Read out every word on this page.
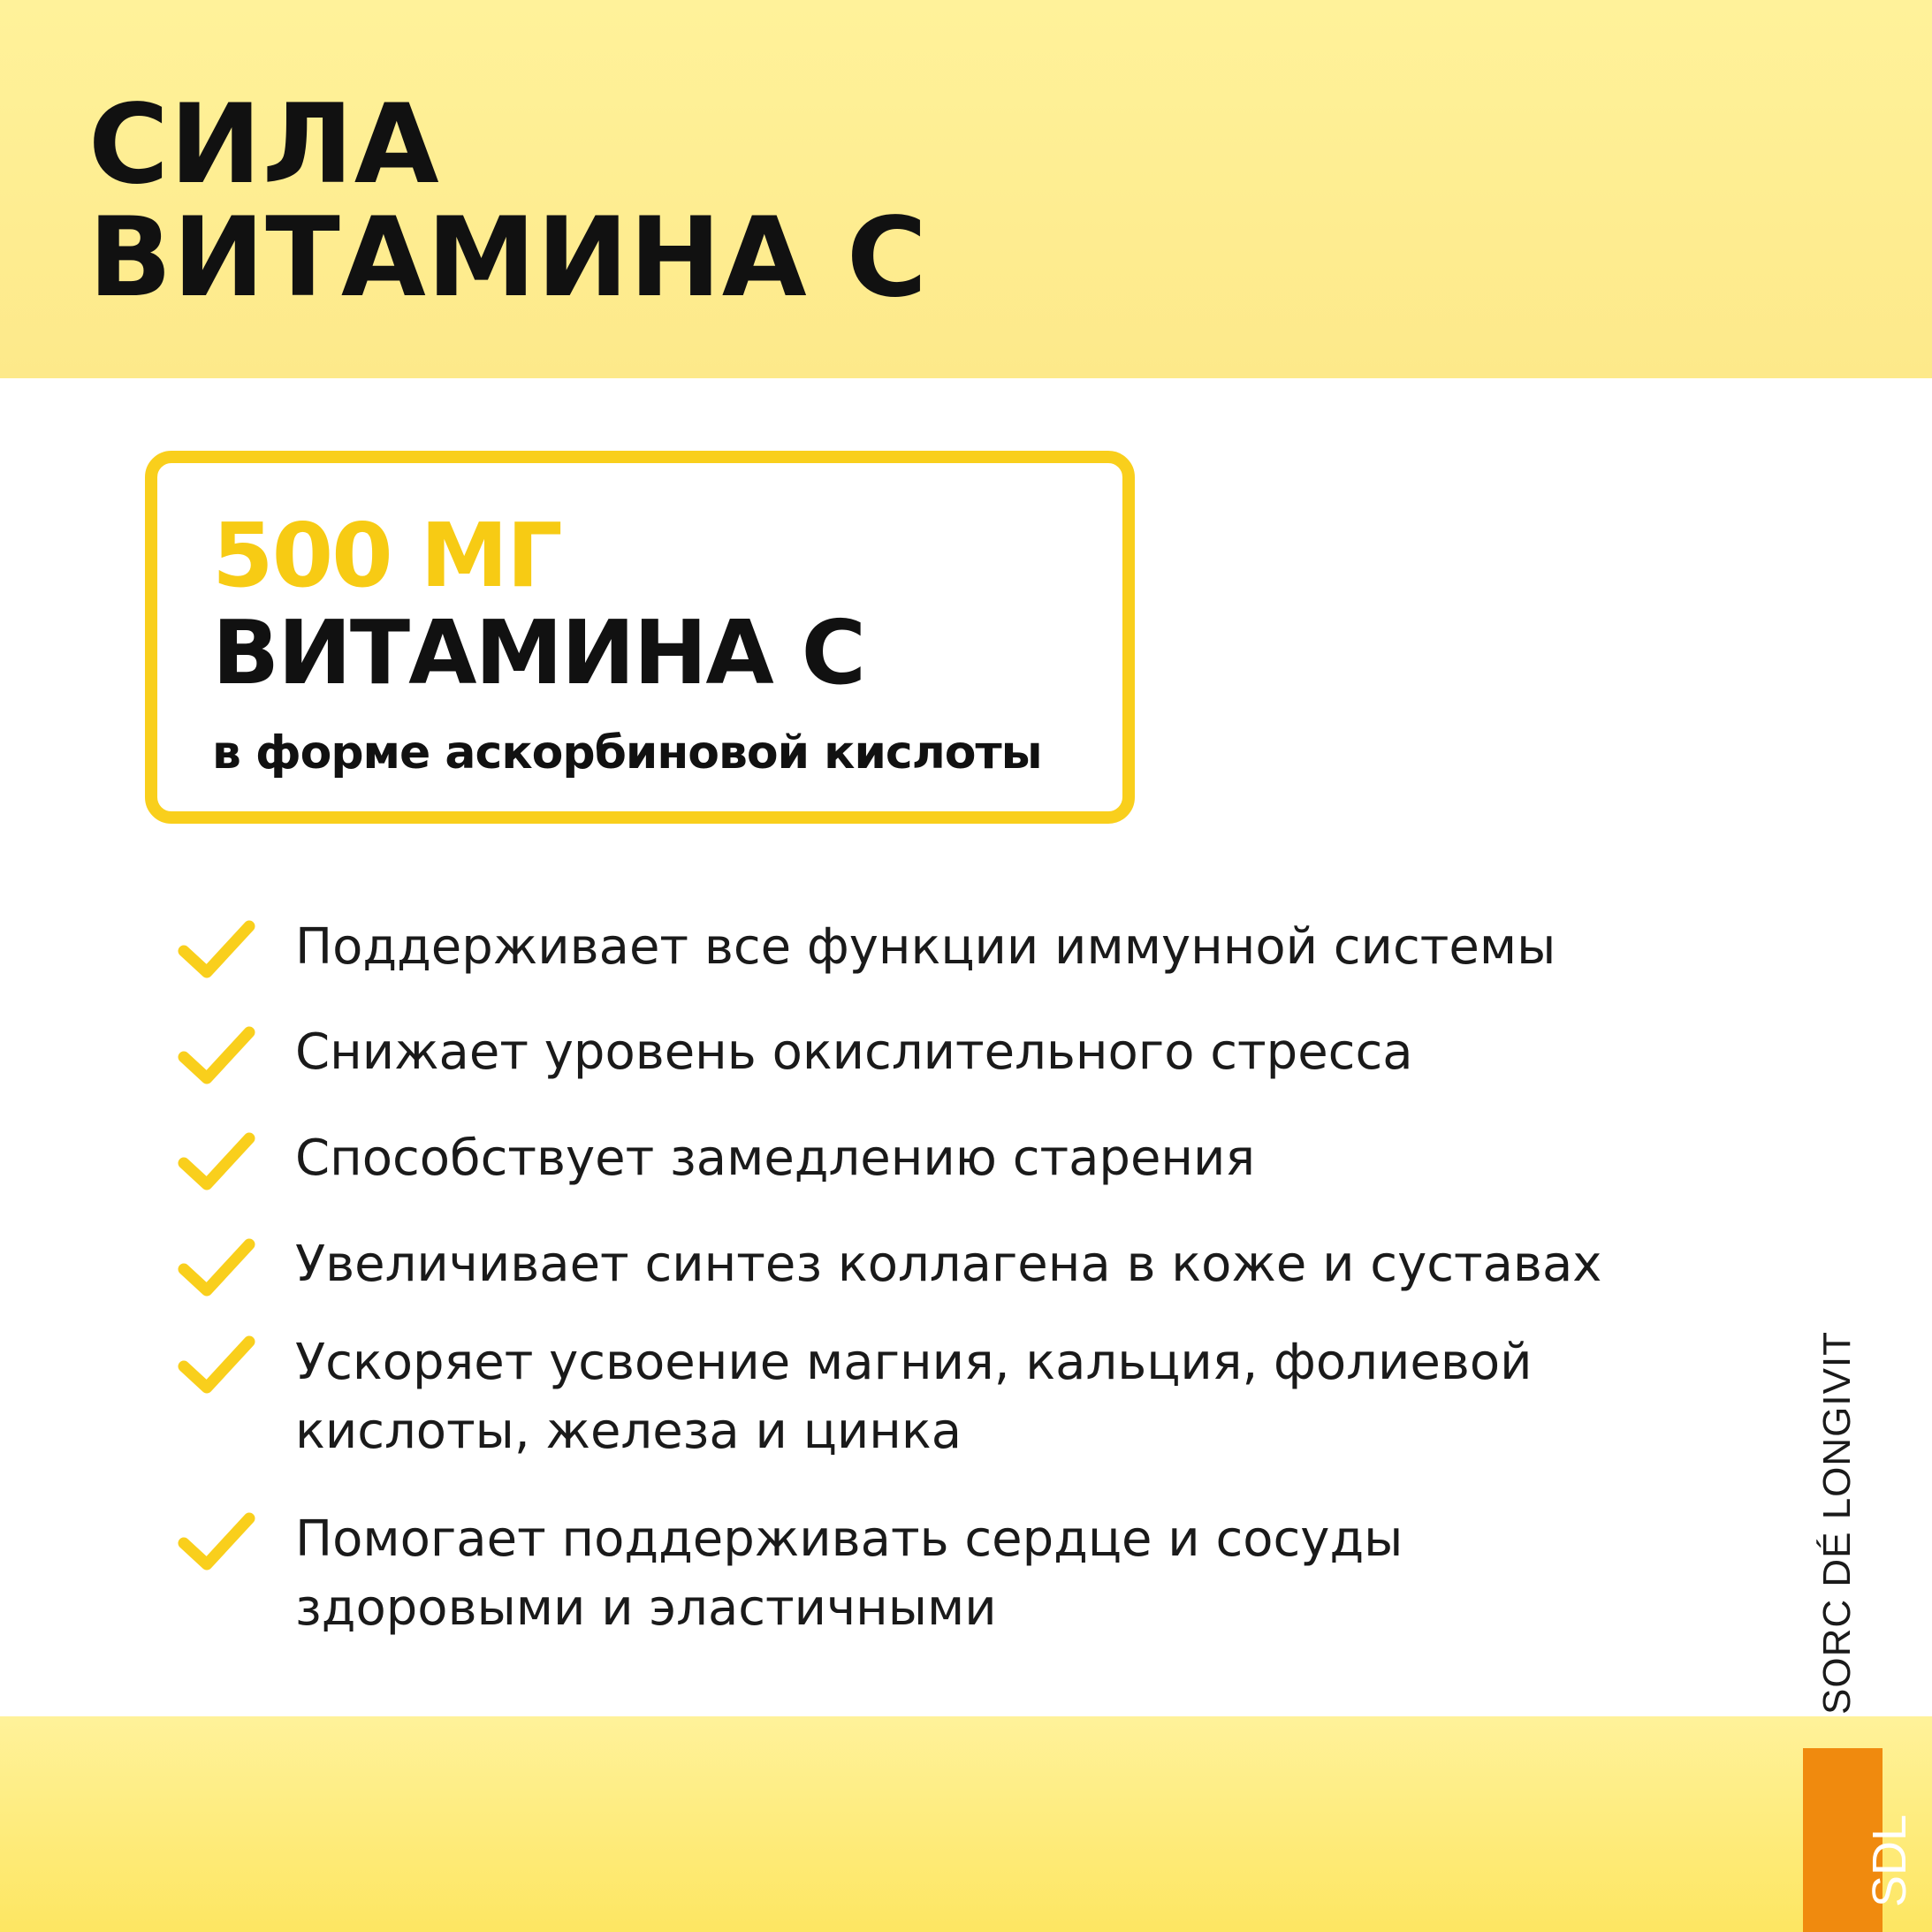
СИЛА
ВИТАМИНА С
500 МГ
ВИТАМИНА С
в форме аскорбиновой кислоты
Поддерживает все функции иммунной системы
Снижает уровень окислительного стресса
Способствует замедлению старения
Увеличивает синтез коллагена в коже и суставах
Ускоряет усвоение магния, кальция, фолиевой
кислоты, железа и цинка
Помогает поддерживать сердце и сосуды
здоровыми и эластичными	SORC DÉ LONGIVIT
SDL
